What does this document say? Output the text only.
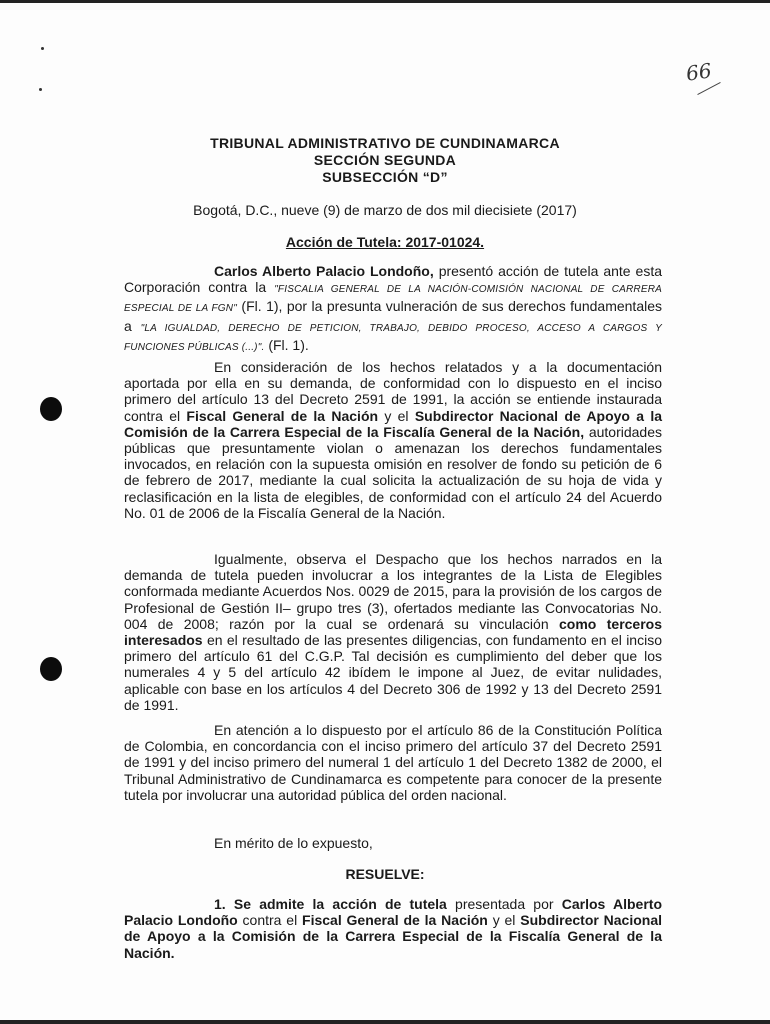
66
TRIBUNAL ADMINISTRATIVO DE CUNDINAMARCA
SECCIÓN SEGUNDA
SUBSECCIÓN “D”
Bogotá, D.C., nueve (9) de marzo de dos mil diecisiete (2017)
Acción de Tutela: 2017-01024.

Carlos Alberto Palacio Londoño, presentó acción de tutela ante esta Corporación contra la "FISCALIA GENERAL DE LA NACIÓN-COMISIÓN NACIONAL DE CARRERA ESPECIAL DE LA FGN" (Fl. 1), por la presunta vulneración de sus derechos fundamentales a "LA IGUALDAD, DERECHO DE PETICION, TRABAJO, DEBIDO PROCESO, ACCESO A CARGOS Y FUNCIONES PÚBLICAS (...)". (Fl. 1).

En consideración de los hechos relatados y a la documentación aportada por ella en su demanda, de conformidad con lo dispuesto en el inciso primero del artículo 13 del Decreto 2591 de 1991, la acción se entiende instaurada contra el Fiscal General de la Nación y el Subdirector Nacional de Apoyo a la Comisión de la Carrera Especial de la Fiscalía General de la Nación, autoridades públicas que presuntamente violan o amenazan los derechos fundamentales invocados, en relación con la supuesta omisión en resolver de fondo su petición de 6 de febrero de 2017, mediante la cual solicita la actualización de su hoja de vida y reclasificación en la lista de elegibles, de conformidad con el artículo 24 del Acuerdo No. 01 de 2006 de la Fiscalía General de la Nación.

Igualmente, observa el Despacho que los hechos narrados en la demanda de tutela pueden involucrar a los integrantes de la Lista de Elegibles conformada mediante Acuerdos Nos. 0029 de 2015, para la provisión de los cargos de Profesional de Gestión II– grupo tres (3), ofertados mediante las Convocatorias No. 004 de 2008; razón por la cual se ordenará su vinculación como terceros interesados en el resultado de las presentes diligencias, con fundamento en el inciso primero del artículo 61 del C.G.P. Tal decisión es cumplimiento del deber que los numerales 4 y 5 del artículo 42 ibídem le impone al Juez, de evitar nulidades, aplicable con base en los artículos 4 del Decreto 306 de 1992 y 13 del Decreto 2591 de 1991.

En atención a lo dispuesto por el artículo 86 de la Constitución Política de Colombia, en concordancia con el inciso primero del artículo 37 del Decreto 2591 de 1991 y del inciso primero del numeral 1 del artículo 1 del Decreto 1382 de 2000, el Tribunal Administrativo de Cundinamarca es competente para conocer de la presente tutela por involucrar una autoridad pública del orden nacional.

En mérito de lo expuesto,
RESUELVE:

1. Se admite la acción de tutela presentada por Carlos Alberto Palacio Londoño contra el Fiscal General de la Nación y el Subdirector Nacional de Apoyo a la Comisión de la Carrera Especial de la Fiscalía General de la Nación.
